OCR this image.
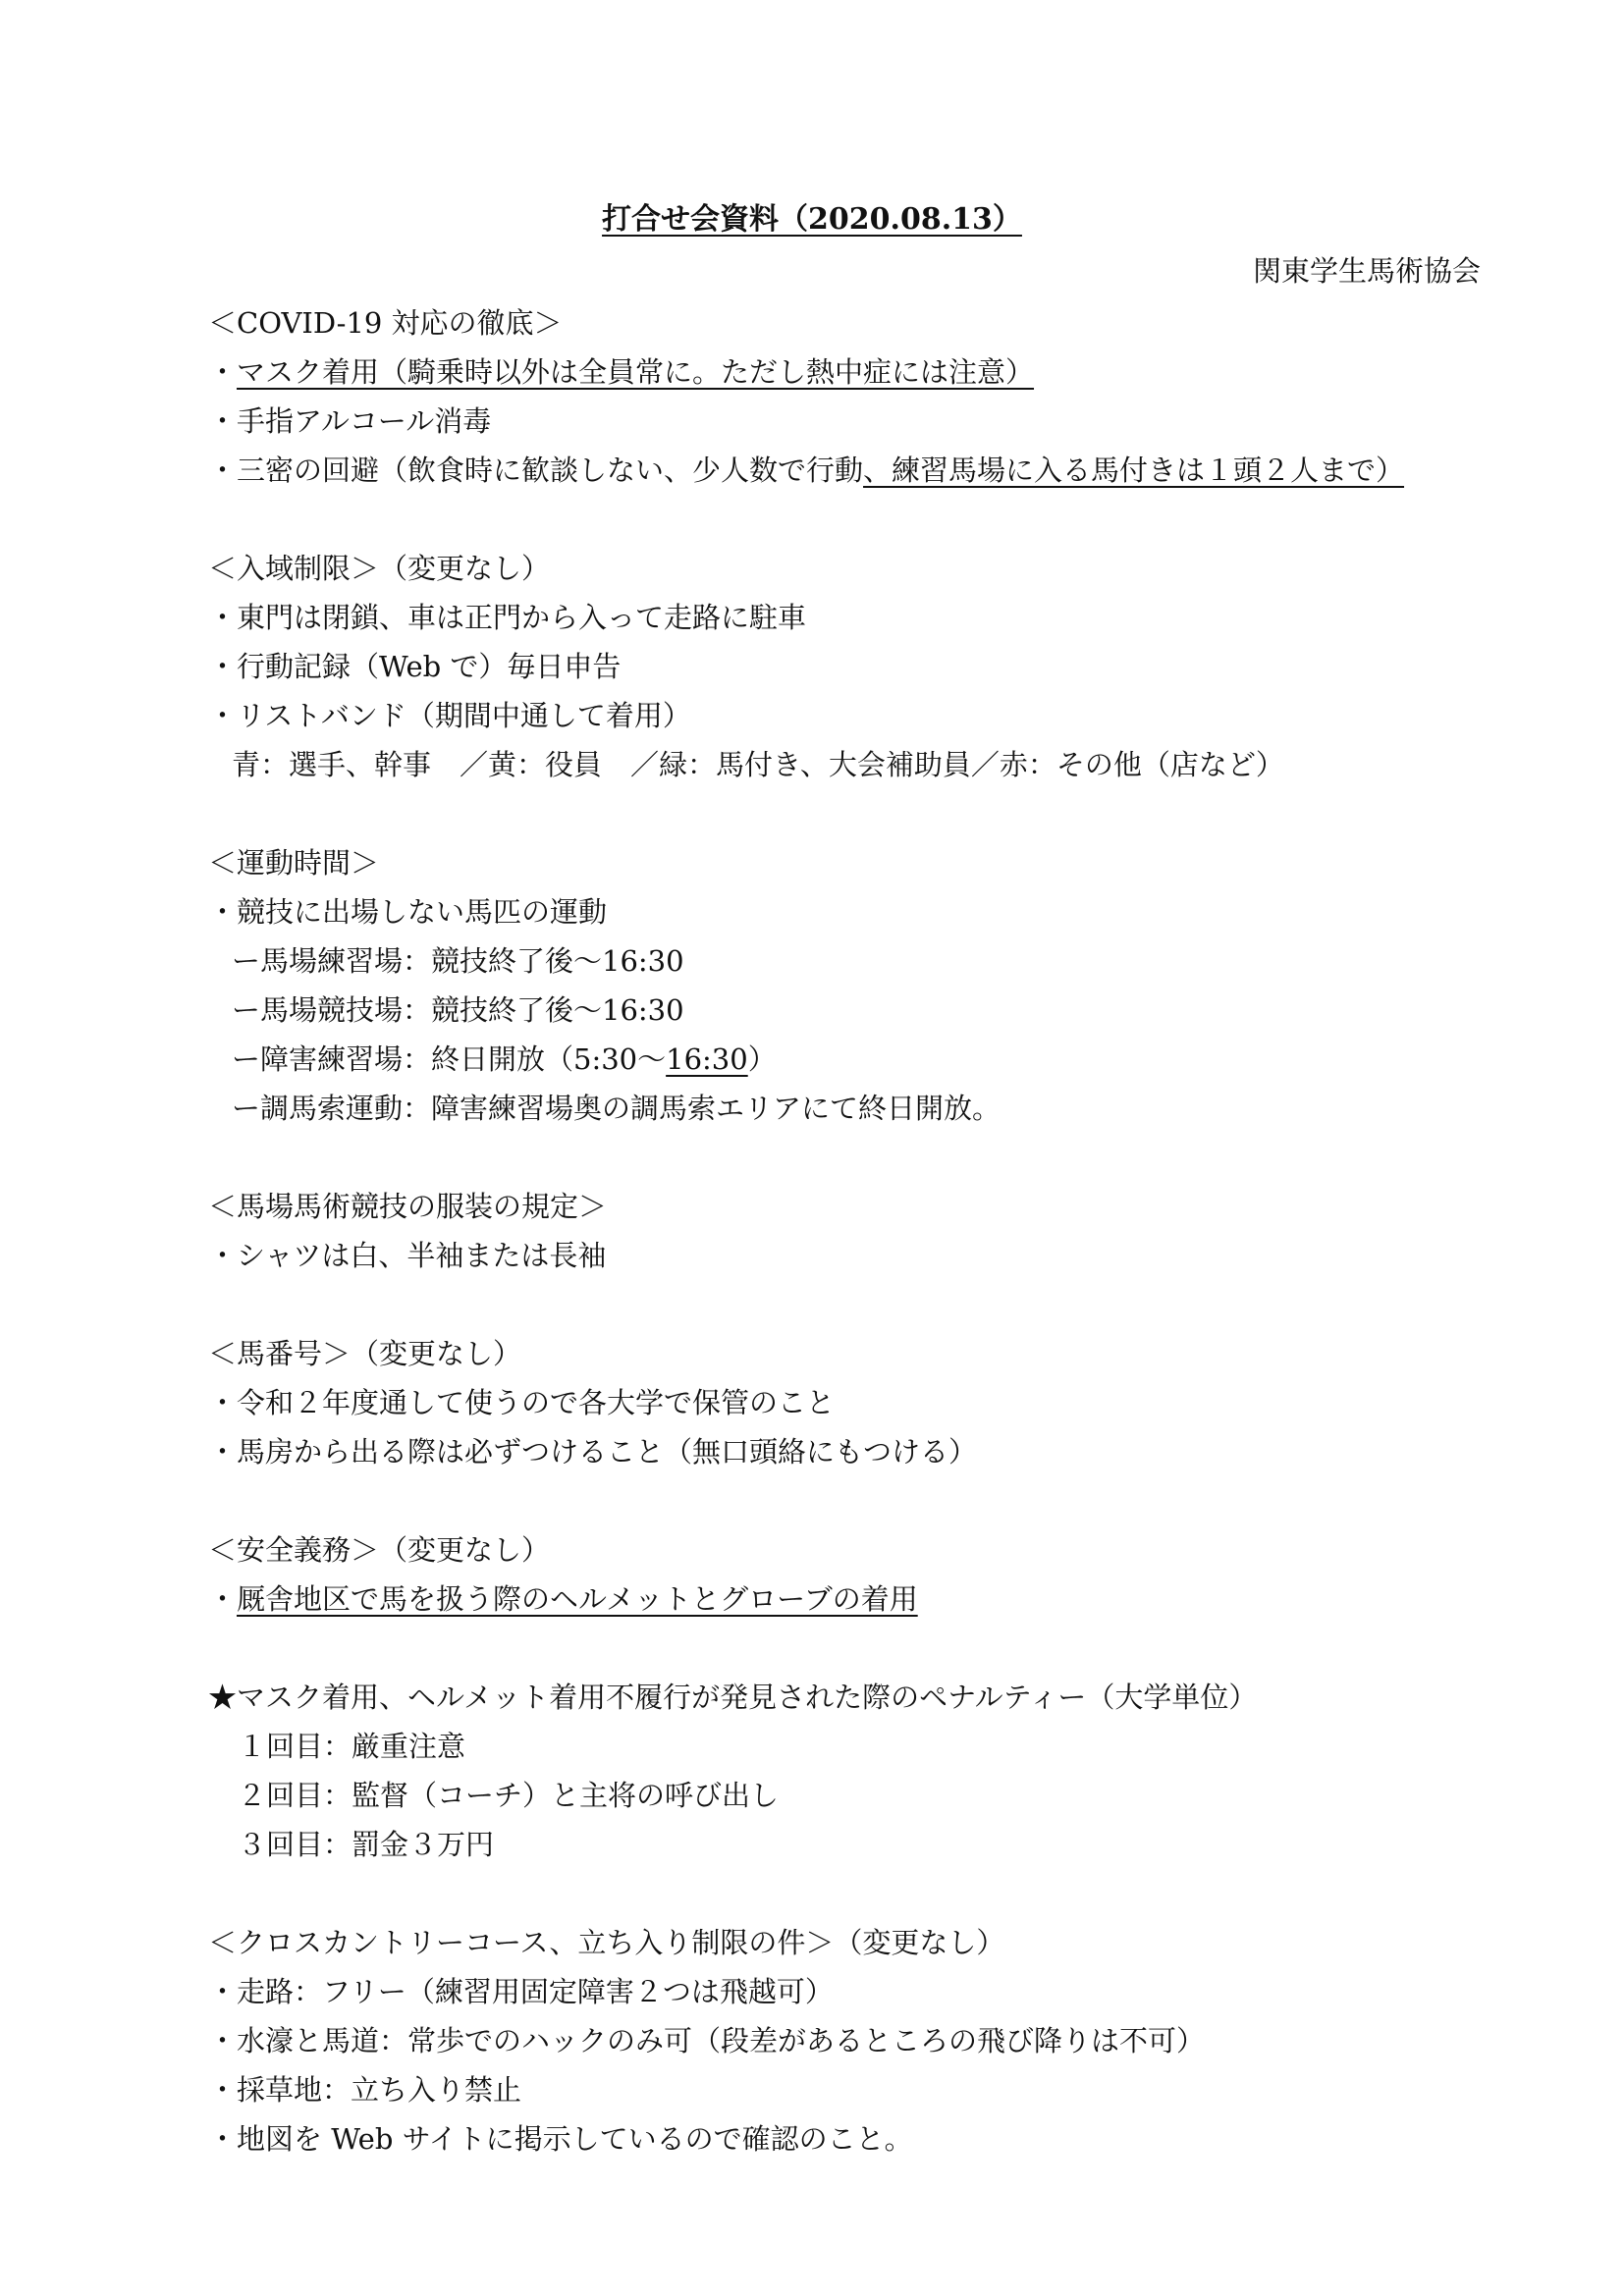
打合せ会資料（2020.08.13）
関東学生馬術協会
＜COVID-19 対応の徹底＞
・マスク着用（騎乗時以外は全員常に。ただし熱中症には注意）
・手指アルコール消毒
・三密の回避（飲食時に歓談しない、少人数で行動、練習馬場に入る馬付きは１頭２人まで）
＜入域制限＞（変更なし）
・東門は閉鎖、車は正門から入って走路に駐車
・行動記録（Web で）毎日申告
・リストバンド（期間中通して着用）
青：選手、幹事　／黄：役員　／緑：馬付き、大会補助員／赤：その他（店など）
＜運動時間＞
・競技に出場しない馬匹の運動
ー馬場練習場：競技終了後～16:30
ー馬場競技場：競技終了後～16:30
ー障害練習場：終日開放（5:30～16:30）
ー調馬索運動：障害練習場奥の調馬索エリアにて終日開放。
＜馬場馬術競技の服装の規定＞
・シャツは白、半袖または長袖
＜馬番号＞（変更なし）
・令和２年度通して使うので各大学で保管のこと
・馬房から出る際は必ずつけること（無口頭絡にもつける）
＜安全義務＞（変更なし）
・厩舎地区で馬を扱う際のヘルメットとグローブの着用
★マスク着用、ヘルメット着用不履行が発見された際のペナルティー（大学単位）
１回目：厳重注意
２回目：監督（コーチ）と主将の呼び出し
３回目：罰金３万円
＜クロスカントリーコース、立ち入り制限の件＞（変更なし）
・走路：フリー（練習用固定障害２つは飛越可）
・水濠と馬道：常歩でのハックのみ可（段差があるところの飛び降りは不可）
・採草地：立ち入り禁止
・地図を Web サイトに掲示しているので確認のこと。
